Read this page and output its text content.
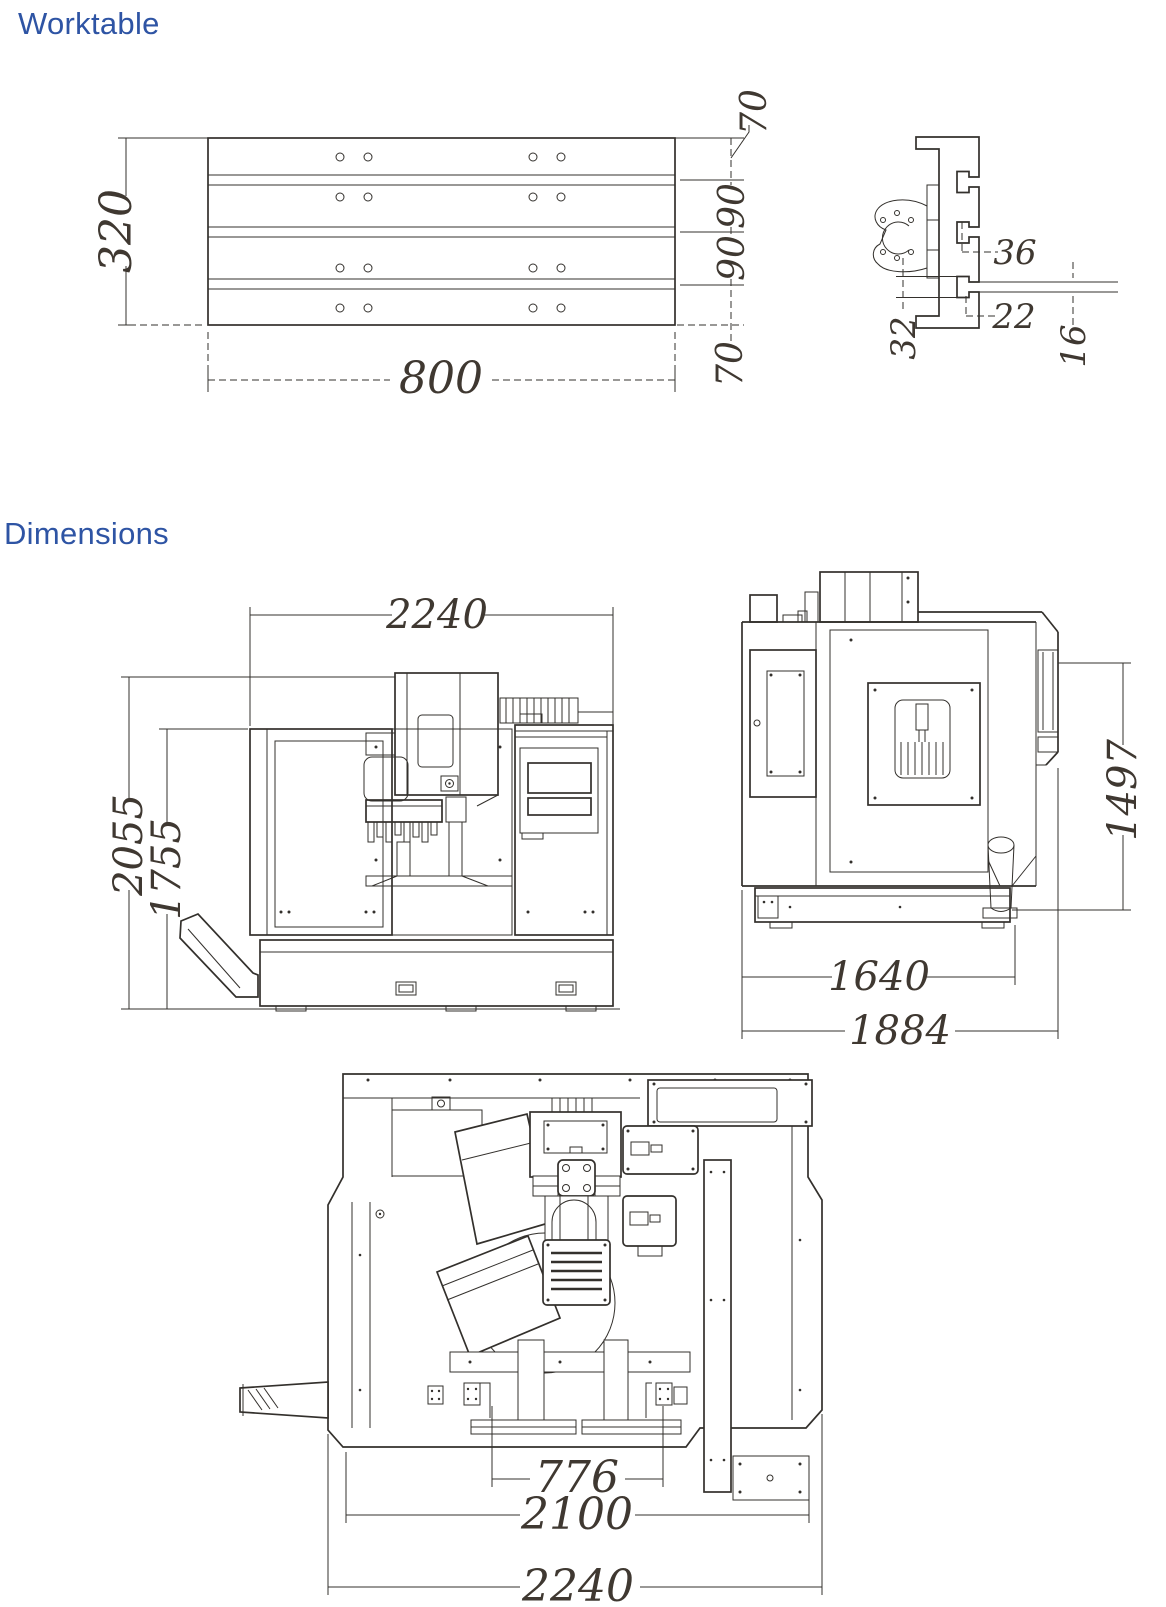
Worktable
Dimensions
320
800
70
90
90
70
36
22
16
32
2240
2055
1755
1497
1640
1884
776
2100
2240
